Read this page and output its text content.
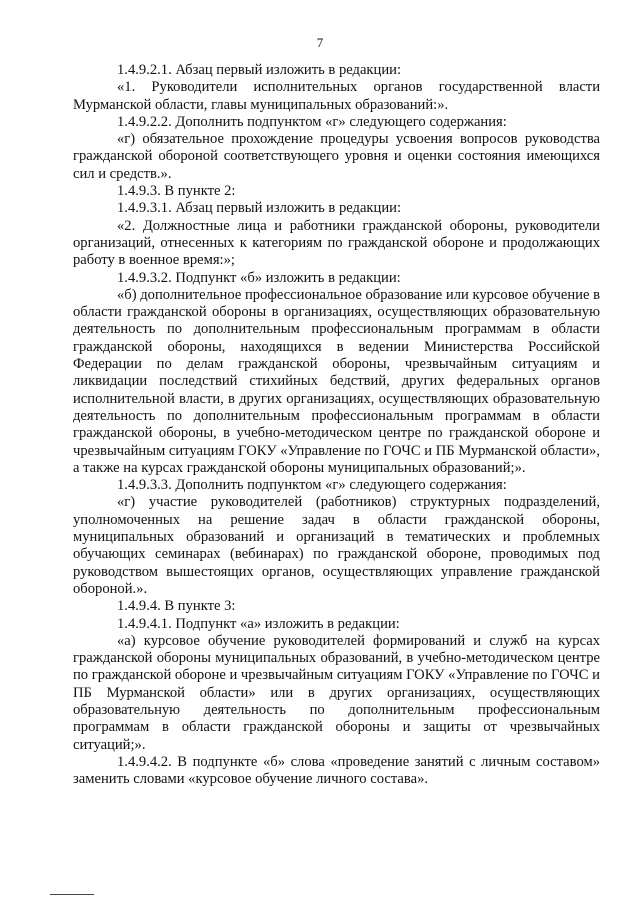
7

1.4.9.2.1. Абзац первый изложить в редакции:

«1. Руководители исполнительных органов государственной власти Мурманской области, главы муниципальных образований:».

1.4.9.2.2. Дополнить подпунктом «г» следующего содержания:

«г) обязательное прохождение процедуры усвоения вопросов руководства гражданской обороной соответствующего уровня и оценки состояния имеющихся сил и средств.».

1.4.9.3. В пункте 2:

1.4.9.3.1. Абзац первый изложить в редакции:

«2. Должностные лица и работники гражданской обороны, руководители организаций, отнесенных к категориям по гражданской обороне и продолжающих работу в военное время:»;

1.4.9.3.2. Подпункт «б» изложить в редакции:

«б) дополнительное профессиональное образование или курсовое обучение в области гражданской обороны в организациях, осуществляющих образовательную деятельность по дополнительным профессиональным программам в области гражданской обороны, находящихся в ведении Министерства Российской Федерации по делам гражданской обороны, чрезвычайным ситуациям и ликвидации последствий стихийных бедствий, других федеральных органов исполнительной власти, в других организациях, осуществляющих образовательную деятельность по дополнительным профессиональным программам в области гражданской обороны, в учебно-методическом центре по гражданской обороне и чрезвычайным ситуациям ГОКУ «Управление по ГОЧС и ПБ Мурманской области», а также на курсах гражданской обороны муниципальных образований;».

1.4.9.3.3. Дополнить подпунктом «г» следующего содержания:

«г) участие руководителей (работников) структурных подразделений, уполномоченных на решение задач в области гражданской обороны, муниципальных образований и организаций в тематических и проблемных обучающих семинарах (вебинарах) по гражданской обороне, проводимых под руководством вышестоящих органов, осуществляющих управление гражданской обороной.».

1.4.9.4. В пункте 3:

1.4.9.4.1. Подпункт «а» изложить в редакции:

«а) курсовое обучение руководителей формирований и служб на курсах гражданской обороны муниципальных образований, в учебно-методическом центре по гражданской обороне и чрезвычайным ситуациям ГОКУ «Управление по ГОЧС и ПБ Мурманской области» или в других организациях, осуществляющих образовательную деятельность по дополнительным профессиональным программам в области гражданской обороны и защиты от чрезвычайных ситуаций;».

1.4.9.4.2. В подпункте «б» слова «проведение занятий с личным составом» заменить словами «курсовое обучение личного состава».
